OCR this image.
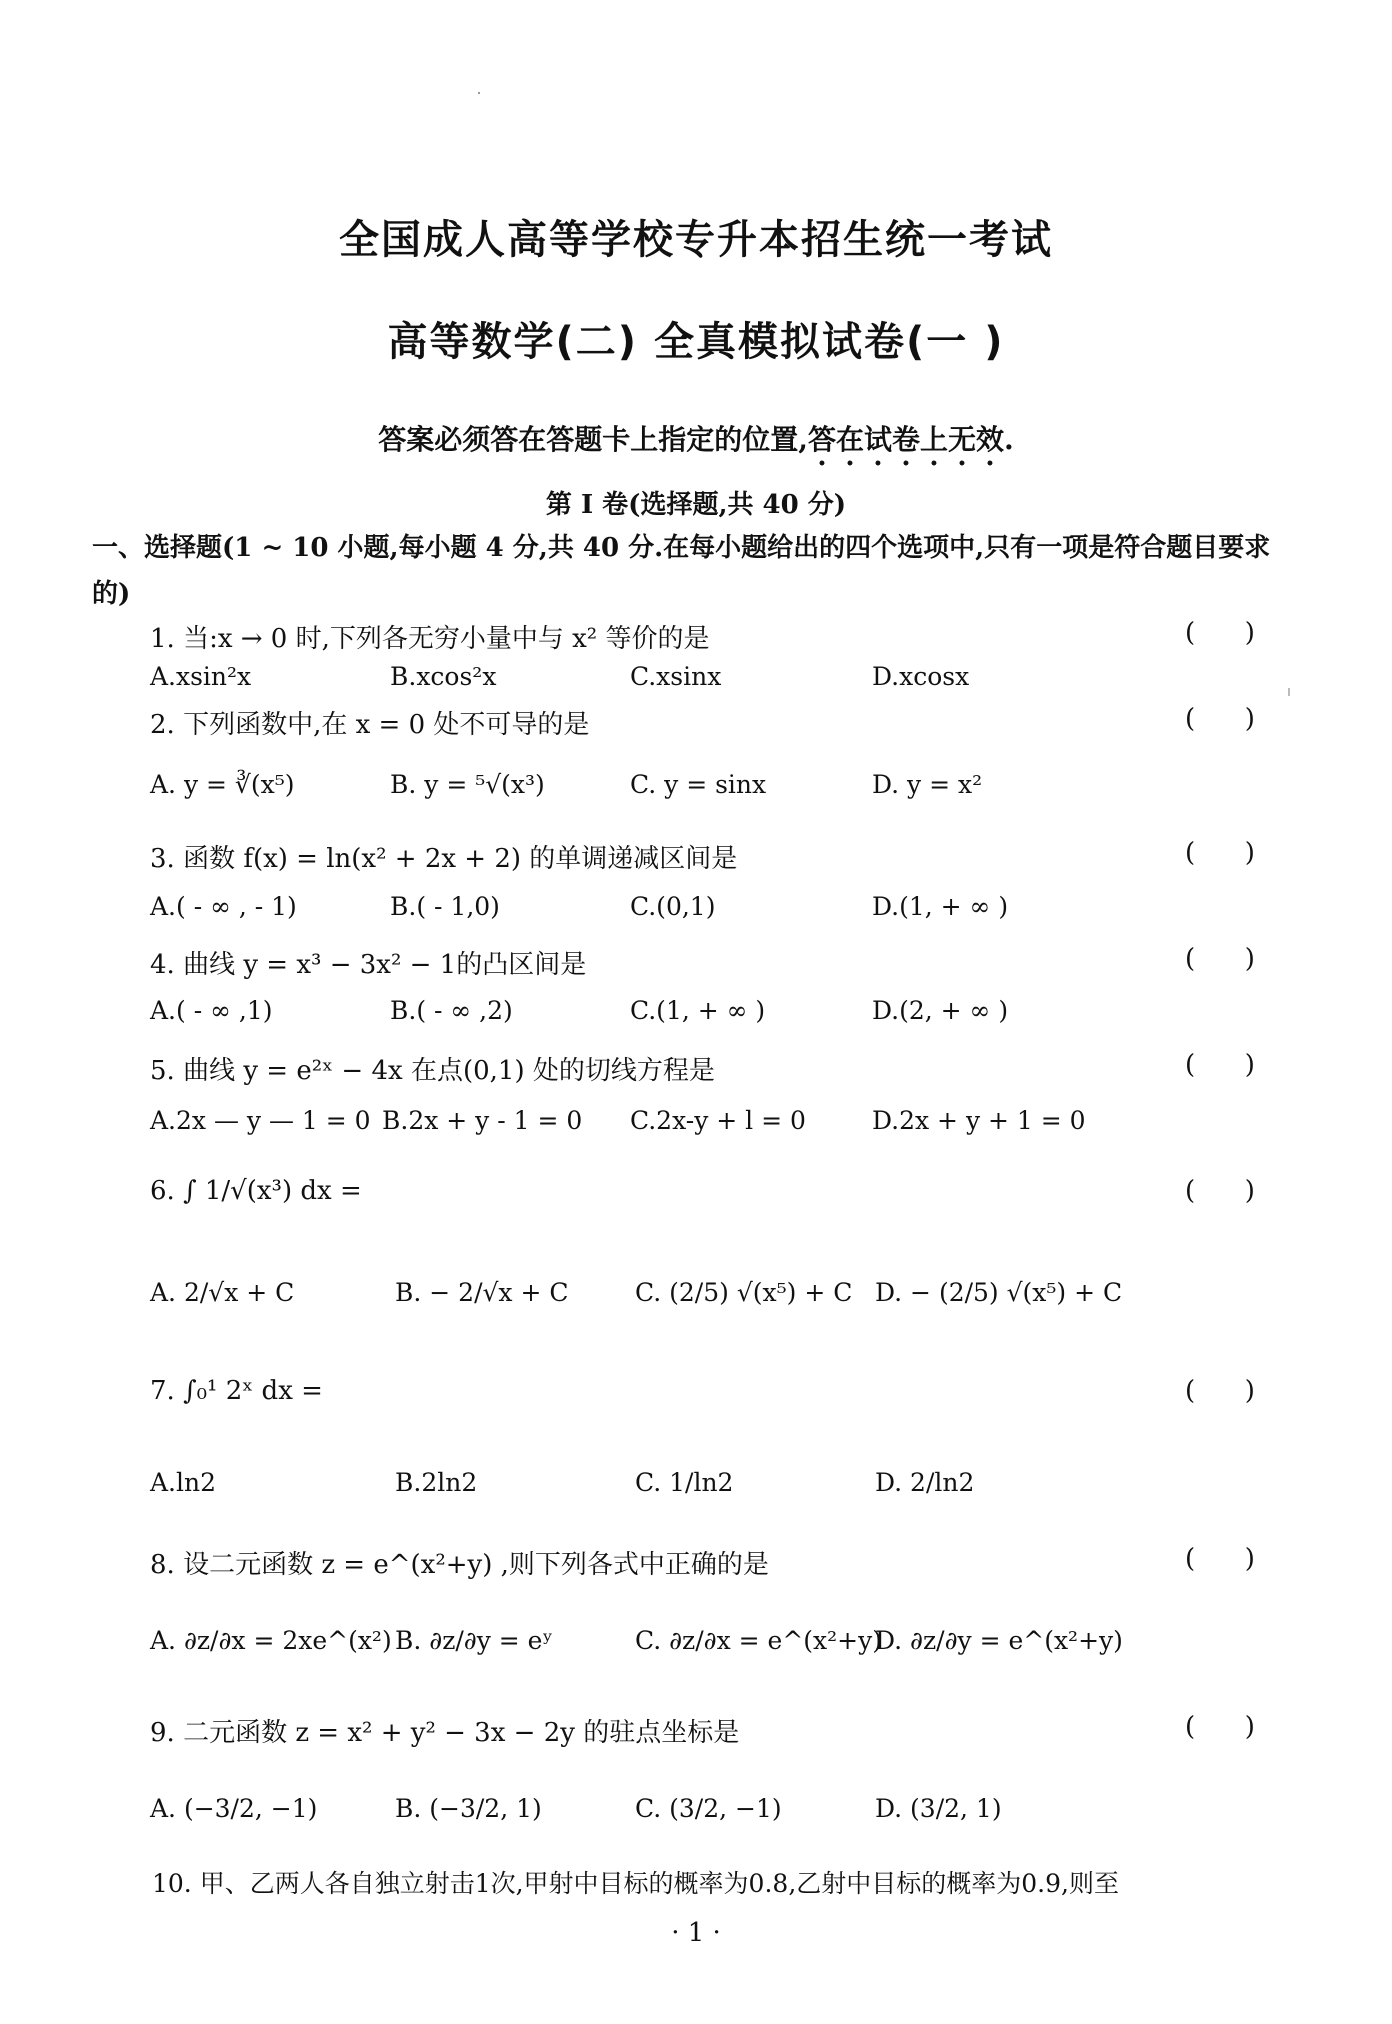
全国成人高等学校专升本招生统一考试
高等数学(二) 全真模拟试卷(一 )
答案必须答在答题卡上指定的位置,答在试卷上无效.
第 Ⅰ 卷(选择题,共 40 分)
一、选择题(1 ~ 10 小题,每小题 4 分,共 40 分.在每小题给出的四个选项中,只有一项是符合题目要求的)
1. 当:x → 0 时,下列各无穷小量中与 x² 等价的是	(      )
A.xsin²x	B.xcos²x	C.xsinx	D.xcosx
2. 下列函数中,在 x = 0 处不可导的是	(      )
A. y = ∛(x⁵)	B. y = ⁵√(x³)	C. y = sinx	D. y = x²
3. 函数 f(x) = ln(x² + 2x + 2) 的单调递减区间是	(      )
A.( - ∞ , - 1)	B.( - 1,0)	C.(0,1)	D.(1, + ∞ )
4. 曲线 y = x³ − 3x² − 1的凸区间是	(      )
A.( - ∞ ,1)	B.( - ∞ ,2)	C.(1, + ∞ )	D.(2, + ∞ )
5. 曲线 y = e²ˣ − 4x 在点(0,1) 处的切线方程是	(      )
A.2x — y — 1 = 0 B.2x + y - 1 = 0 C.2x-y + l = 0	D.2x + y + 1 = 0
6. ∫ 1/√(x³) dx =	(      )
A. 2/√x + C	B. − 2/√x + C	C. (2/5) √(x⁵) + C D. − (2/5) √(x⁵) + C
7. ∫₀¹ 2ˣ dx =	(      )
A.ln2	B.2ln2	C. 1/ln2	D. 2/ln2
8. 设二元函数 z = e^(x²+y) ,则下列各式中正确的是	(      )
A. ∂z/∂x = 2xe^(x²) B. ∂z/∂y = eʸ	C. ∂z/∂x = e^(x²+y)
D. ∂z/∂y = e^(x²+y)
9. 二元函数 z = x² + y² − 3x − 2y 的驻点坐标是	(      )
A. (−3/2, −1)	B. (−3/2, 1)	C. (3/2, −1)	D. (3/2, 1)
10. 甲、乙两人各自独立射击1次,甲射中目标的概率为0.8,乙射中目标的概率为0.9,则至
· 1 ·
